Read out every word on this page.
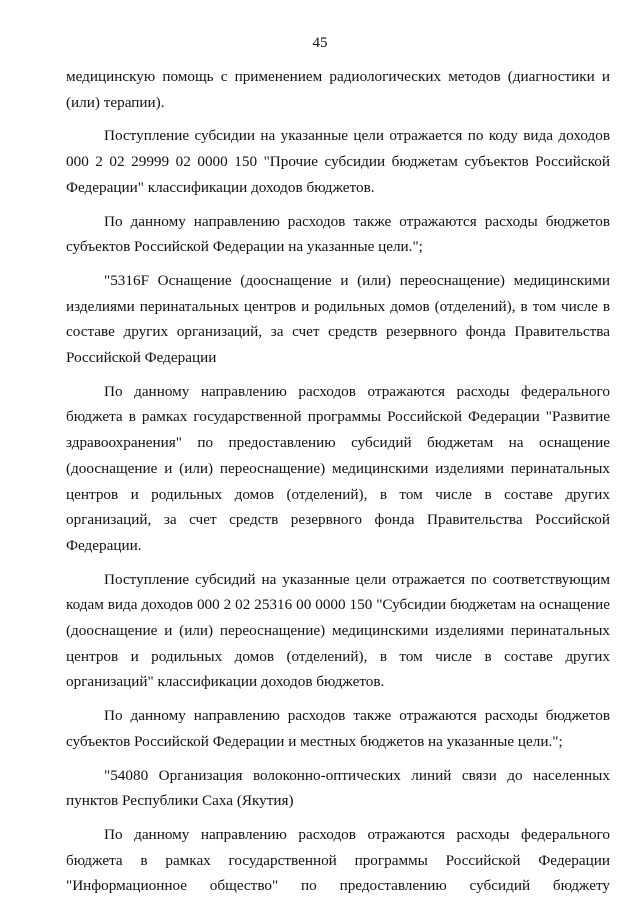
45

медицинскую помощь с применением радиологических методов (диагностики и (или) терапии).

Поступление субсидии на указанные цели отражается по коду вида доходов 000 2 02 29999 02 0000 150 "Прочие субсидии бюджетам субъектов Российской Федерации" классификации доходов бюджетов.

По данному направлению расходов также отражаются расходы бюджетов субъектов Российской Федерации на указанные цели.";

"5316F Оснащение (дооснащение и (или) переоснащение) медицинскими изделиями перинатальных центров и родильных домов (отделений), в том числе в составе других организаций, за счет средств резервного фонда Правительства Российской Федерации

По данному направлению расходов отражаются расходы федерального бюджета в рамках государственной программы Российской Федерации "Развитие здравоохранения" по предоставлению субсидий бюджетам на оснащение (дооснащение и (или) переоснащение) медицинскими изделиями перинатальных центров и родильных домов (отделений), в том числе в составе других организаций, за счет средств резервного фонда Правительства Российской Федерации.

Поступление субсидий на указанные цели отражается по соответствующим кодам вида доходов 000 2 02 25316 00 0000 150 "Субсидии бюджетам на оснащение (дооснащение и (или) переоснащение) медицинскими изделиями перинатальных центров и родильных домов (отделений), в том числе в составе других организаций" классификации доходов бюджетов.

По данному направлению расходов также отражаются расходы бюджетов субъектов Российской Федерации и местных бюджетов на указанные цели.";

"54080 Организация волоконно-оптических линий связи до населенных пунктов Республики Саха (Якутия)

По данному направлению расходов отражаются расходы федерального бюджета в рамках государственной программы Российской Федерации "Информационное общество" по предоставлению субсидий бюджету
